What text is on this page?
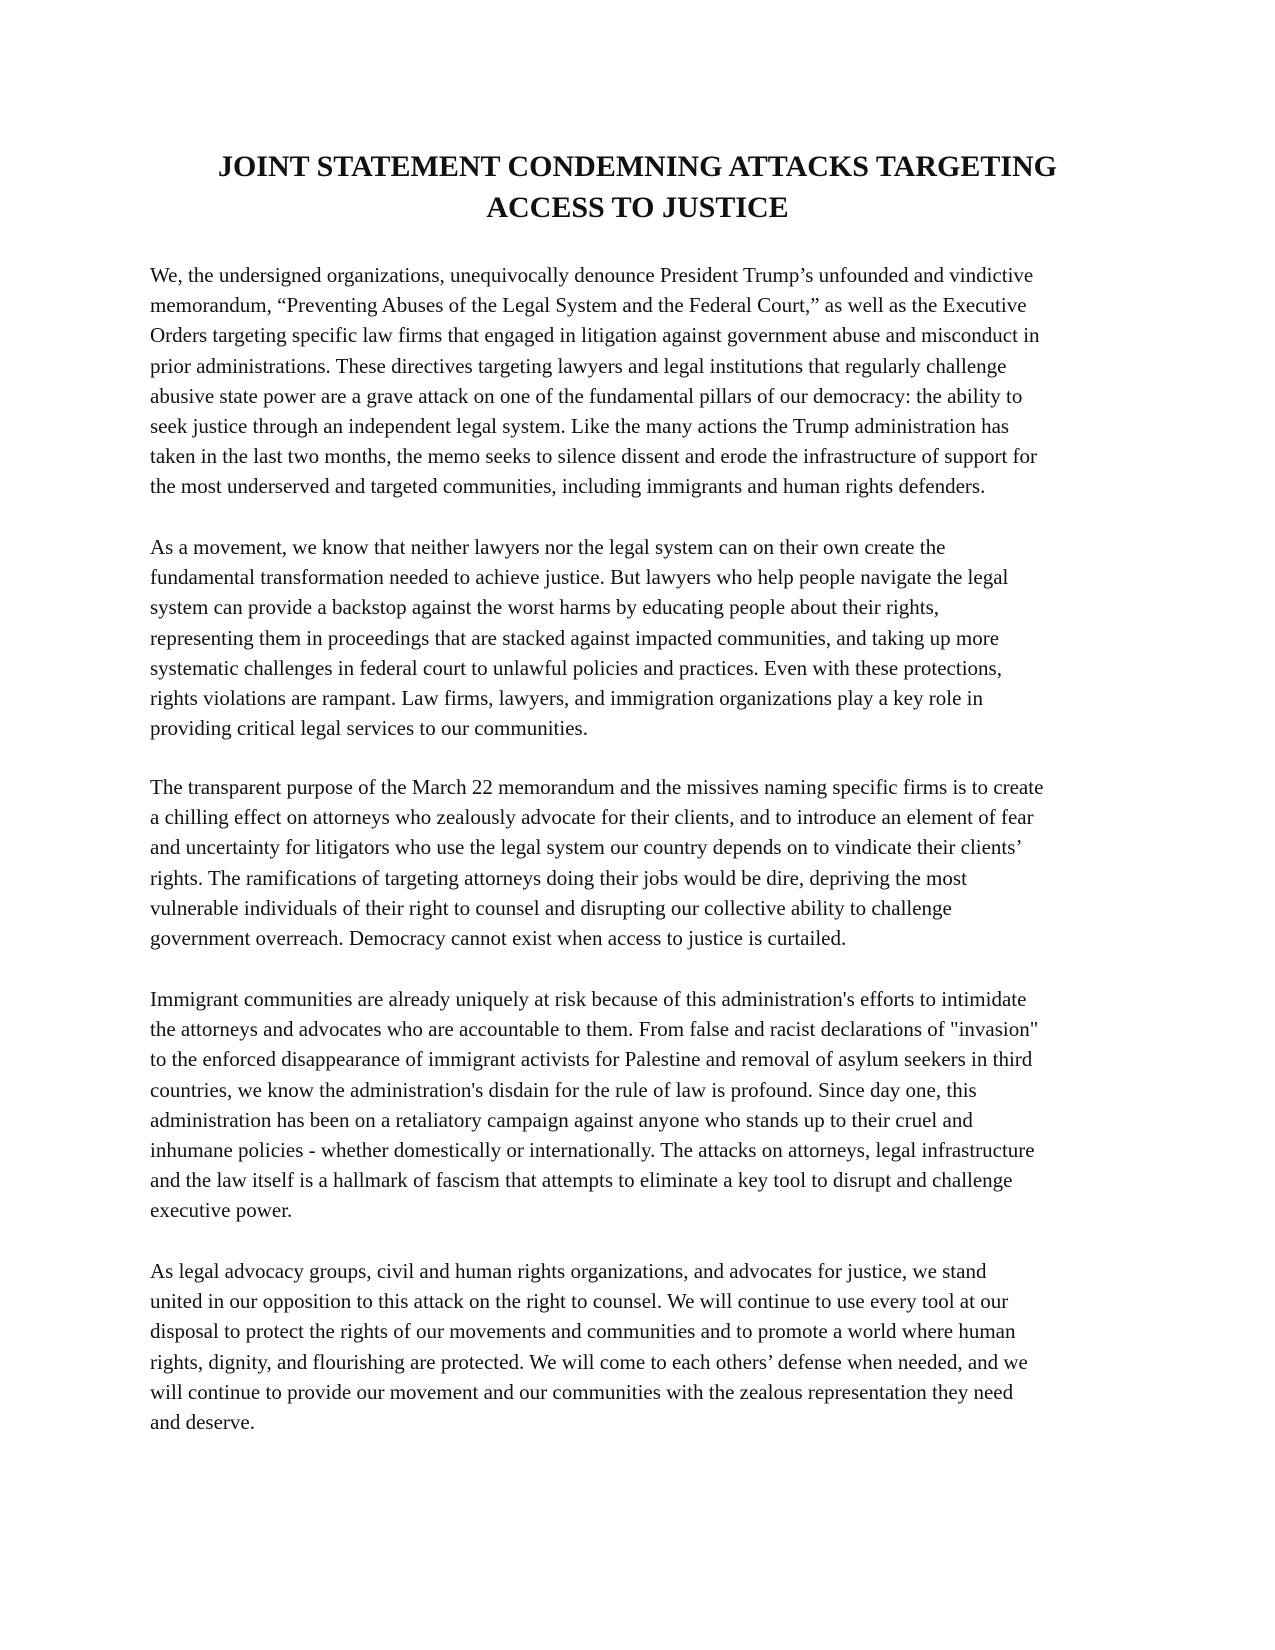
JOINT STATEMENT CONDEMNING ATTACKS TARGETING
ACCESS TO JUSTICE

We, the undersigned organizations, unequivocally denounce President Trump’s unfounded and vindictive
memorandum, “Preventing Abuses of the Legal System and the Federal Court,” as well as the Executive
Orders targeting specific law firms that engaged in litigation against government abuse and misconduct in
prior administrations. These directives targeting lawyers and legal institutions that regularly challenge
abusive state power are a grave attack on one of the fundamental pillars of our democracy: the ability to
seek justice through an independent legal system. Like the many actions the Trump administration has
taken in the last two months, the memo seeks to silence dissent and erode the infrastructure of support for
the most underserved and targeted communities, including immigrants and human rights defenders.

As a movement, we know that neither lawyers nor the legal system can on their own create the
fundamental transformation needed to achieve justice. But lawyers who help people navigate the legal
system can provide a backstop against the worst harms by educating people about their rights,
representing them in proceedings that are stacked against impacted communities, and taking up more
systematic challenges in federal court to unlawful policies and practices. Even with these protections,
rights violations are rampant. Law firms, lawyers, and immigration organizations play a key role in
providing critical legal services to our communities.

The transparent purpose of the March 22 memorandum and the missives naming specific firms is to create
a chilling effect on attorneys who zealously advocate for their clients, and to introduce an element of fear
and uncertainty for litigators who use the legal system our country depends on to vindicate their clients’
rights. The ramifications of targeting attorneys doing their jobs would be dire, depriving the most
vulnerable individuals of their right to counsel and disrupting our collective ability to challenge
government overreach. Democracy cannot exist when access to justice is curtailed.

Immigrant communities are already uniquely at risk because of this administration's efforts to intimidate
the attorneys and advocates who are accountable to them. From false and racist declarations of "invasion"
to the enforced disappearance of immigrant activists for Palestine and removal of asylum seekers in third
countries, we know the administration's disdain for the rule of law is profound. Since day one, this
administration has been on a retaliatory campaign against anyone who stands up to their cruel and
inhumane policies - whether domestically or internationally. The attacks on attorneys, legal infrastructure
and the law itself is a hallmark of fascism that attempts to eliminate a key tool to disrupt and challenge
executive power.

As legal advocacy groups, civil and human rights organizations, and advocates for justice, we stand
united in our opposition to this attack on the right to counsel. We will continue to use every tool at our
disposal to protect the rights of our movements and communities and to promote a world where human
rights, dignity, and flourishing are protected. We will come to each others’ defense when needed, and we
will continue to provide our movement and our communities with the zealous representation they need
and deserve.
